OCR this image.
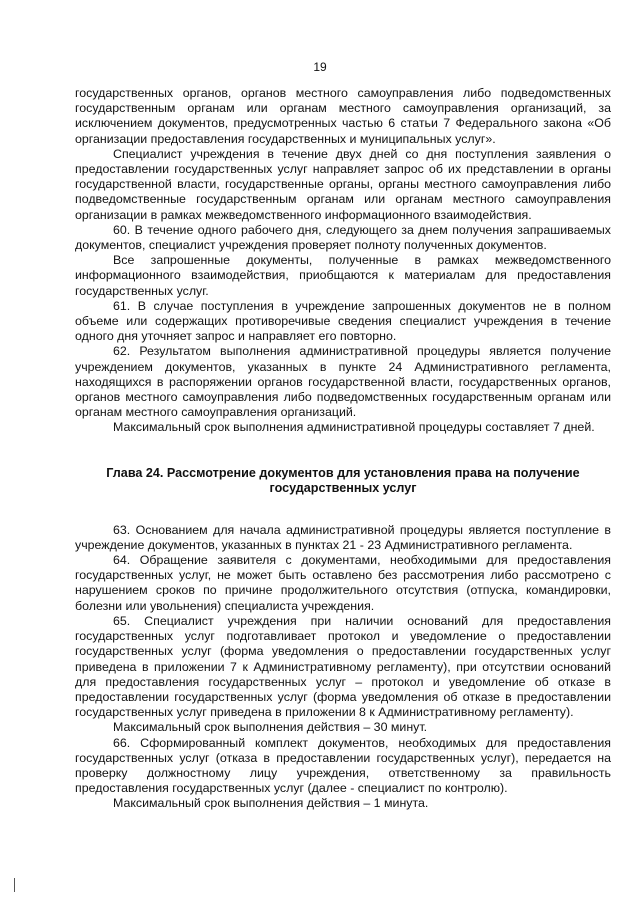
19

государственных органов, органов местного самоуправления либо подведомственных государственным органам или органам местного самоуправления организаций, за исключением документов, предусмотренных частью 6 статьи 7 Федерального закона «Об организации предоставления государственных и муниципальных услуг».

Специалист учреждения в течение двух дней со дня поступления заявления о предоставлении государственных услуг направляет запрос об их представлении в органы государственной власти, государственные органы, органы местного самоуправления либо подведомственные государственным органам или органам местного самоуправления организации в рамках межведомственного информационного взаимодействия.

60. В течение одного рабочего дня, следующего за днем получения запрашиваемых документов, специалист учреждения проверяет полноту полученных документов.

Все запрошенные документы, полученные в рамках межведомственного информационного взаимодействия, приобщаются к материалам для предоставления государственных услуг.

61. В случае поступления в учреждение запрошенных документов не в полном объеме или содержащих противоречивые сведения специалист учреждения в течение одного дня уточняет запрос и направляет его повторно.

62. Результатом выполнения административной процедуры является получение учреждением документов, указанных в пункте 24 Административного регламента, находящихся в распоряжении органов государственной власти, государственных органов, органов местного самоуправления либо подведомственных государственным органам или органам местного самоуправления организаций.

Максимальный срок выполнения административной процедуры составляет 7 дней.

Глава 24. Рассмотрение документов для установления права на получение государственных услуг

63. Основанием для начала административной процедуры является поступление в учреждение документов, указанных в пунктах 21 - 23 Административного регламента.

64. Обращение заявителя с документами, необходимыми для предоставления государственных услуг, не может быть оставлено без рассмотрения либо рассмотрено с нарушением сроков по причине продолжительного отсутствия (отпуска, командировки, болезни или увольнения) специалиста учреждения.

65. Специалист учреждения при наличии оснований для предоставления государственных услуг подготавливает протокол и уведомление о предоставлении государственных услуг (форма уведомления о предоставлении государственных услуг приведена в приложении 7 к Административному регламенту), при отсутствии оснований для предоставления государственных услуг – протокол и уведомление об отказе в предоставлении государственных услуг (форма уведомления об отказе в предоставлении государственных услуг приведена в приложении 8 к Административному регламенту).

Максимальный срок выполнения действия – 30 минут.

66. Сформированный комплект документов, необходимых для предоставления государственных услуг (отказа в предоставлении государственных услуг), передается на проверку должностному лицу учреждения, ответственному за правильность предоставления государственных услуг (далее - специалист по контролю).

Максимальный срок выполнения действия – 1 минута.
